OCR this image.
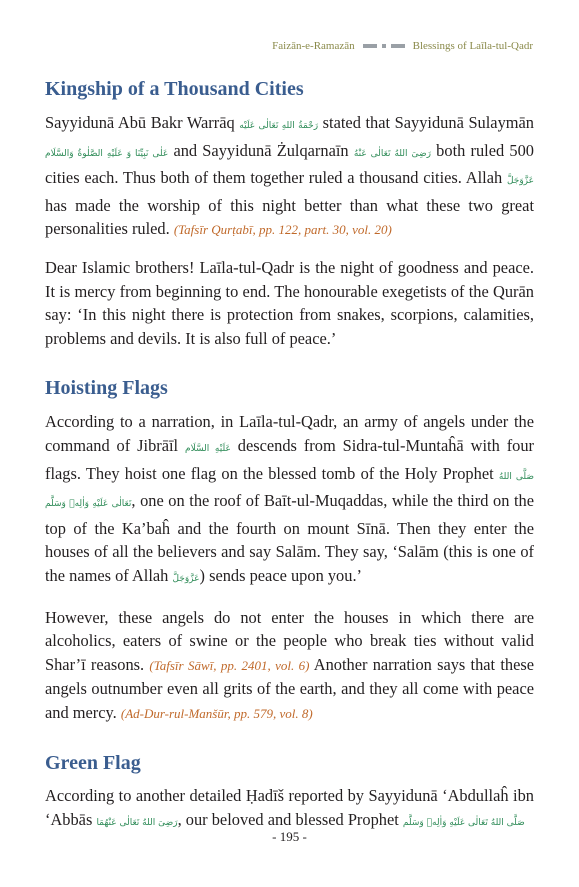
Faizān-e-Ramazān	Blessings of Laīla-tul-Qadr
Kingship of a Thousand Cities

Sayyidunā Abū Bakr Warrāq رَحْمَةُ اللهِ تَعَالٰی عَلَيْه stated that Sayyidunā Sulaymān عَلٰی نَبِیِّنَا وَ عَلَيْهِ الصَّلٰوةُ وَالسَّلَام and Sayyidunā Żulqarnaīn رَضِیَ اللهُ تَعَالٰی عَنْهُ both ruled 500 cities each. Thus both of them together ruled a thousand cities. Allah عَزَّوَجَلَّ has made the worship of this night better than what these two great personalities ruled. (Tafsīr Qurṭabī, pp. 122, part. 30, vol. 20)

Dear Islamic brothers! Laīla-tul-Qadr is the night of goodness and peace. It is mercy from beginning to end. The honourable exegetists of the Qurān say: ‘In this night there is protection from snakes, scorpions, calamities, problems and devils. It is also full of peace.’

Hoisting Flags

According to a narration, in Laīla-tul-Qadr, an army of angels under the command of Jibrāīl عَلَيْهِ السَّلَام descends from Sidra-tul-Muntaĥā with four flags. They hoist one flag on the blessed tomb of the Holy Prophet صَلَّی اللهُ تَعَالٰی عَلَيْهِ وَاٰلِهٖ وَسَلَّم, one on the roof of Baīt-ul-Muqaddas, while the third on the top of the Ka’baĥ and the fourth on mount Sīnā. Then they enter the houses of all the believers and say Salām. They say, ‘Salām (this is one of the names of Allah عَزَّوَجَلَّ) sends peace upon you.’

However, these angels do not enter the houses in which there are alcoholics, eaters of swine or the people who break ties without valid Shar’ī reasons. (Tafsīr Sāwī, pp. 2401, vol. 6) Another narration says that these angels outnumber even all grits of the earth, and they all come with peace and mercy. (Ad-Dur-rul-Manšūr, pp. 579, vol. 8)

Green Flag

According to another detailed Ḥadīš reported by Sayyidunā ‘Abdullaĥ ibn ‘Abbās رَضِیَ اللهُ تَعَالٰی عَنْهُمَا, our beloved and blessed Prophet صَلَّی اللهُ تَعَالٰی عَلَيْهِ وَاٰلِهٖ وَسَلَّم

- 195 -
